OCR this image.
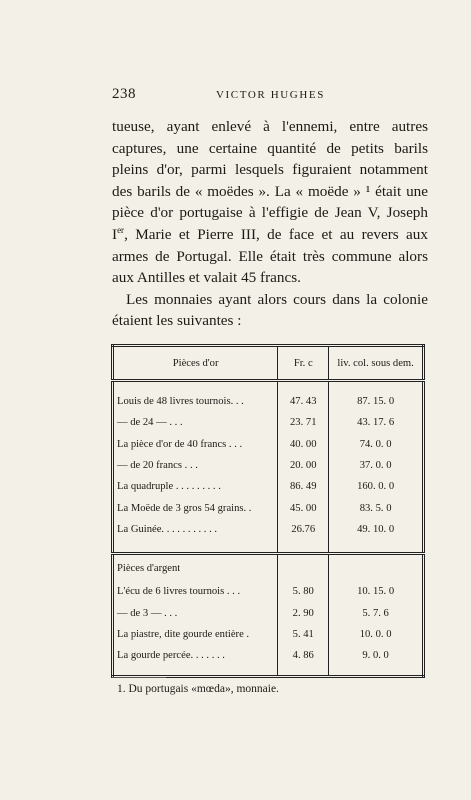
238	VICTOR HUGHES

tueuse, ayant enlevé à l'ennemi, entre autres captures, une certaine quantité de petits barils pleins d'or, parmi lesquels figuraient notamment des barils de « moëdes ». La « moëde » ¹ était une pièce d'or portugaise à l'effigie de Jean V, Joseph Ier, Marie et Pierre III, de face et au revers aux armes de Portugal. Elle était très commune alors aux Antilles et valait 45 francs.

Les monnaies ayant alors cours dans la colonie étaient les suivantes :

Pièces d'or	Fr. c	liv. col. sous dem.

Louis de 48 livres tournois. . .	47. 43	87. 15. 0
— de 24 — . . .	23. 71	43. 17. 6
La pièce d'or de 40 francs . . .	40. 00	74. 0. 0
— de 20 francs . . .	20. 00	37. 0. 0
La quadruple . . . . . . . . .	86. 49	160. 0. 0
La Moëde de 3 gros 54 grains. .	45. 00	83. 5. 0
La Guinée. . . . . . . . . . .	26.76	49. 10. 0

Pièces d'argent		
L'écu de 6 livres tournois . . .	5. 80	10. 15. 0
— de 3 — . . .	2. 90	5. 7. 6
La piastre, dite gourde entière .	5. 41	10. 0. 0
La gourde percée. . . . . . .	4. 86	9. 0. 0

1. Du portugais «mœda», monnaie.
